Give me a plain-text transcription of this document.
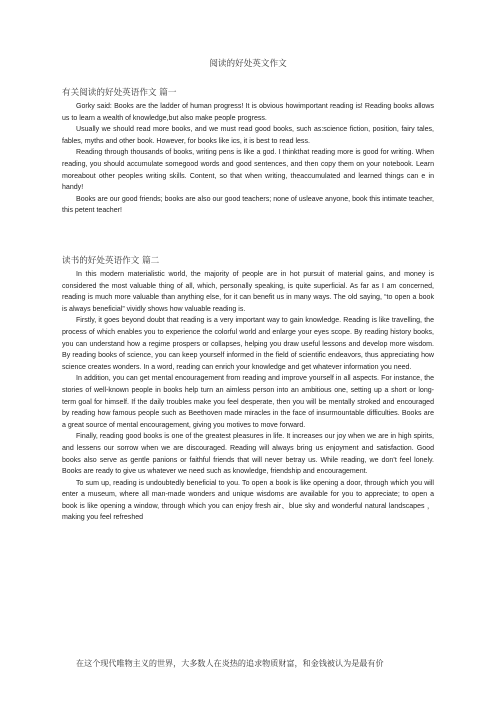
阅读的好处英文作文
有关阅读的好处英语作文 篇一

Gorky said: Books are the ladder of human progress! It is obvious howimportant reading is! Reading books allows us to learn a wealth of knowledge,but also make people progress.

Usually we should read more books, and we must read good books, such as:science fiction, position, fairy tales, fables, myths and other book. However, for books like ics, it is best to read less.

Reading through thousands of books, writing pens is like a god. I thinkthat reading more is good for writing. When reading, you should accumulate somegood words and good sentences, and then copy them on your notebook. Learn moreabout other peoples writing skills. Content, so that when writing, theaccumulated and learned things can e in handy!

Books are our good friends; books are also our good teachers; none of usleave anyone, book this intimate teacher, this petent teacher!

读书的好处英语作文 篇二

In this modern materialistic world, the majority of people are in hot pursuit of material gains, and money is considered the most valuable thing of all, which, personally speaking, is quite superficial. As far as I am concerned, reading is much more valuable than anything else, for it can benefit us in many ways. The old saying, “to open a book is always beneficial” vividly shows how valuable reading is.

Firstly, it goes beyond doubt that reading is a very important way to gain knowledge. Reading is like travelling, the process of which enables you to experience the colorful world and enlarge your eyes scope. By reading history books, you can understand how a regime prospers or collapses, helping you draw useful lessons and develop more wisdom. By reading books of science, you can keep yourself informed in the field of scientific endeavors, thus appreciating how science creates wonders. In a word, reading can enrich your knowledge and get whatever information you need.

In addition, you can get mental encouragement from reading and improve yourself in all aspects. For instance, the stories of well-known people in books help turn an aimless person into an ambitious one, setting up a short or long-term goal for himself. If the daily troubles make you feel desperate, then you will be mentally stroked and encouraged by reading how famous people such as Beethoven made miracles in the face of insurmountable difficulties. Books are a great source of mental encouragement, giving you motives to move forward.

Finally, reading good books is one of the greatest pleasures in life. It increases our joy when we are in high spirits, and lessens our sorrow when we are discouraged. Reading will always bring us enjoyment and satisfaction. Good books also serve as gentle panions or faithful friends that will never betray us. While reading, we don’t feel lonely. Books are ready to give us whatever we need such as knowledge, friendship and encouragement.

To sum up, reading is undoubtedly beneficial to you. To open a book is like opening a door, through which you will enter a museum, where all man-made wonders and unique wisdoms are available for you to appreciate; to open a book is like opening a window, through which you can enjoy fresh air、blue sky and wonderful natural landscapes ， making you feel refreshed

在这个现代唯物主义的世界，大多数人在炎热的追求物质财富，和金钱被认为是最有价
